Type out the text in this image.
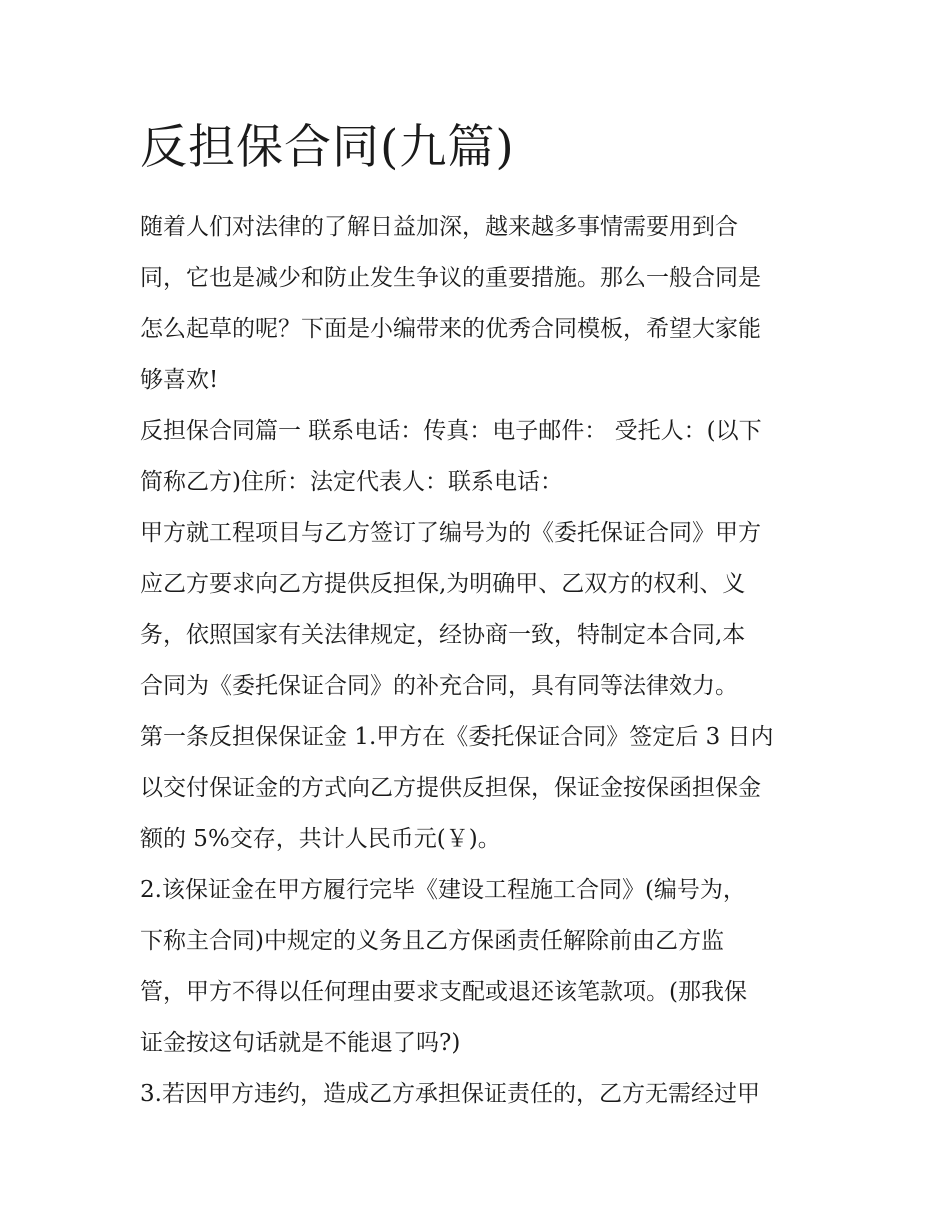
反担保合同(九篇)
随着人们对法律的了解日益加深，越来越多事情需要用到合
同，它也是减少和防止发生争议的重要措施。那么一般合同是
怎么起草的呢？下面是小编带来的优秀合同模板，希望大家能
够喜欢!
反担保合同篇一 联系电话：传真：电子邮件： 受托人：(以下
简称乙方)住所：法定代表人：联系电话：
甲方就工程项目与乙方签订了编号为的《委托保证合同》甲方
应乙方要求向乙方提供反担保,为明确甲、乙双方的权利、义
务，依照国家有关法律规定，经协商一致，特制定本合同,本
合同为《委托保证合同》的补充合同，具有同等法律效力。
第一条反担保保证金 1.甲方在《委托保证合同》签定后 3 日内
以交付保证金的方式向乙方提供反担保，保证金按保函担保金
额的 5%交存，共计人民币元(￥)。
2.该保证金在甲方履行完毕《建设工程施工合同》(编号为，
下称主合同)中规定的义务且乙方保函责任解除前由乙方监
管，甲方不得以任何理由要求支配或退还该笔款项。(那我保
证金按这句话就是不能退了吗?)
3.若因甲方违约，造成乙方承担保证责任的，乙方无需经过甲
